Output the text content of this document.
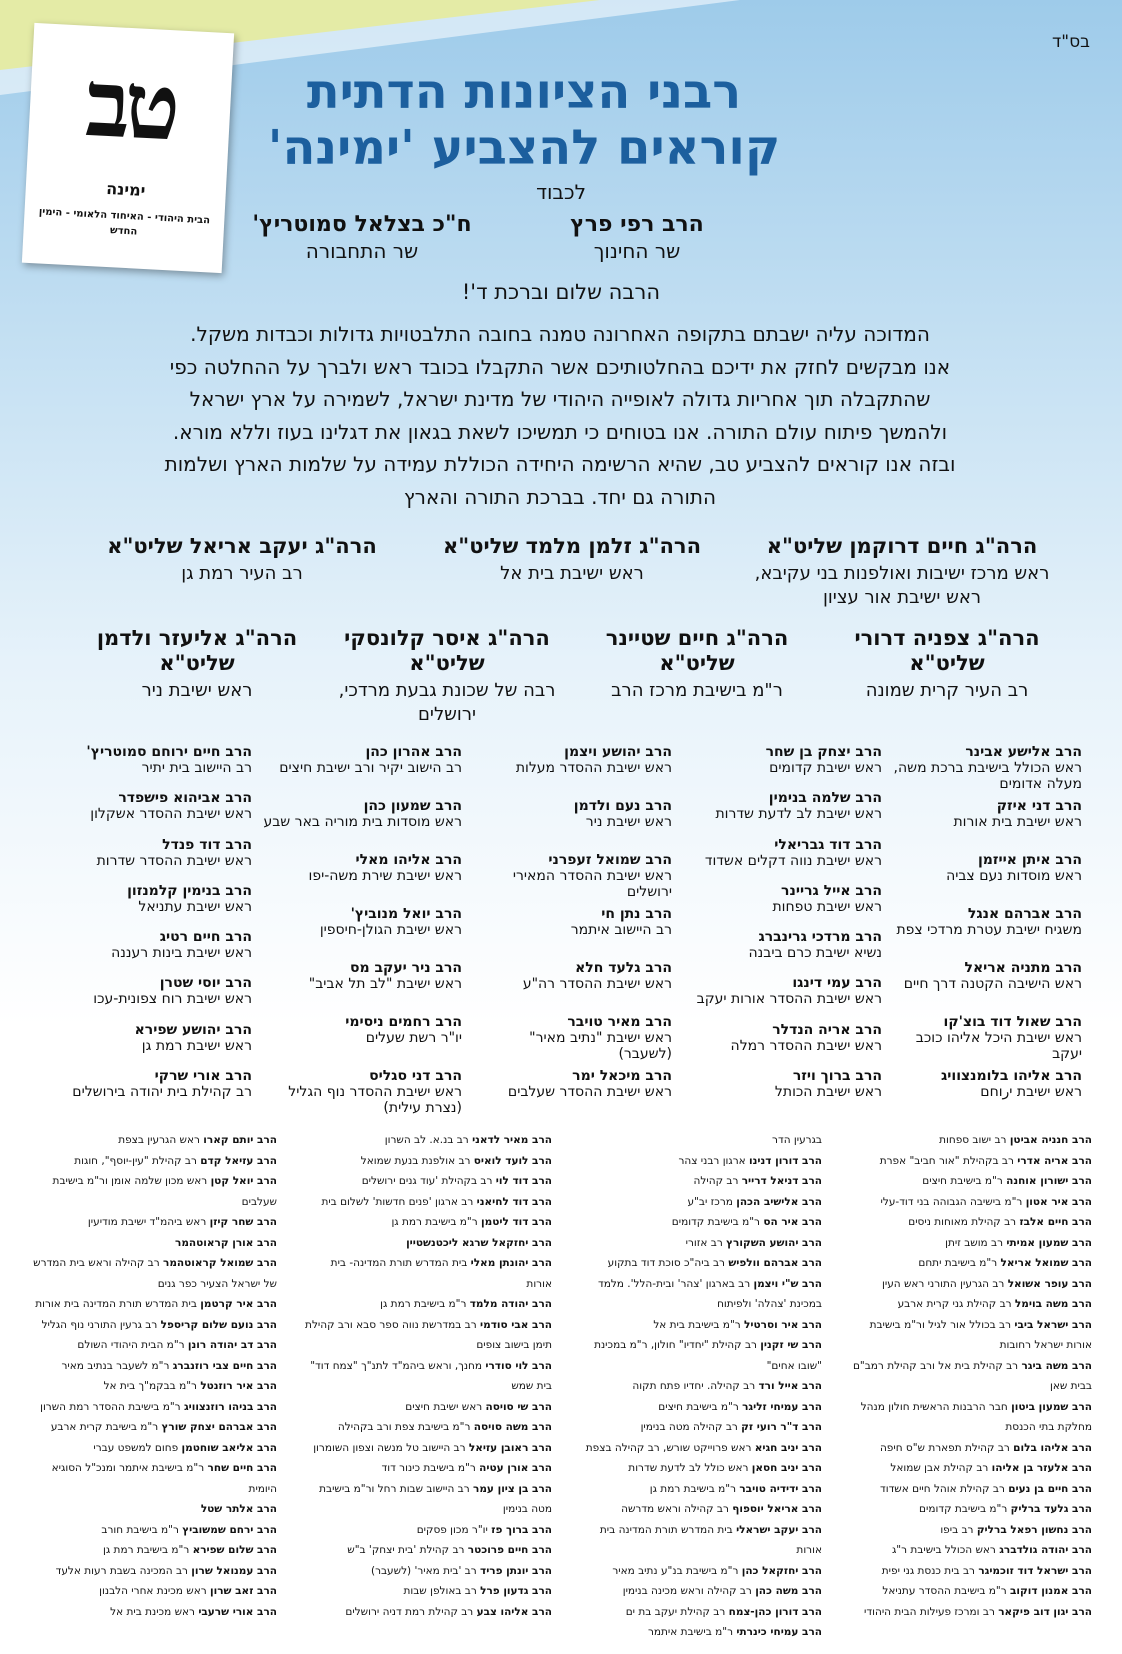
בס"ד
טב
ימינה
הבית היהודי - האיחוד הלאומי - הימין החדש
רבני הציונות הדתית
קוראים להצביע 'ימינה'
לכבוד
הרב רפי פרץ
שר החינוך
ח"כ בצלאל סמוטריץ'
שר התחבורה
הרבה שלום וברכת ד'!
המדוכה עליה ישבתם בתקופה האחרונה טמנה בחובה התלבטויות גדולות וכבדות משקל.
אנו מבקשים לחזק את ידיכם בהחלטותיכם אשר התקבלו בכובד ראש ולברך על ההחלטה כפי
שהתקבלה תוך אחריות גדולה לאופייה היהודי של מדינת ישראל, לשמירה על ארץ ישראל
ולהמשך פיתוח עולם התורה. אנו בטוחים כי תמשיכו לשאת בגאון את דגלינו בעוז וללא מורא.
ובזה אנו קוראים להצביע טב, שהיא הרשימה היחידה הכוללת עמידה על שלמות הארץ ושלמות
התורה גם יחד. בברכת התורה והארץ
הרה"ג חיים דרוקמן שליט"א
ראש מרכז ישיבות ואולפנות בני עקיבא, ראש ישיבת אור עציון
הרה"ג זלמן מלמד שליט"א
ראש ישיבת בית אל
הרה"ג יעקב אריאל שליט"א
רב העיר רמת גן
הרה"ג צפניה דרורי שליט"א
רב העיר קרית שמונה
הרה"ג חיים שטיינר שליט"א
ר"מ בישיבת מרכז הרב
הרה"ג איסר קלונסקי שליט"א
רבה של שכונת גבעת מרדכי, ירושלים
הרה"ג אליעזר ולדמן שליט"א
ראש ישיבת ניר
הרב אלישע אבינר
ראש הכולל בישיבת ברכת משה, מעלה אדומים
הרב דני איזק
ראש ישיבת בית אורות
הרב איתן אייזמן
ראש מוסדות נעם צביה
הרב אברהם אנגל
משגיח ישיבת עטרת מרדכי צפת
הרב מתניה אריאל
ראש הישיבה הקטנה דרך חיים
הרב שאול דוד בוצ'קו
ראש ישיבת היכל אליהו כוכב יעקב
הרב אליהו בלומנצוויג
ראש ישיבת יرוחם
הרב יצחק בן שחר
ראש ישיבת קדומים
הרב שלמה בנימין
ראש ישיבת לב לדעת שדרות
הרב דוד גבריאלי
ראש ישיבת נווה דקלים אשדוד
הרב אייל גריינר
ראש ישיבת טפחות
הרב מרדכי גרינברג
נשיא ישיבת כרם ביבנה
הרב עמי דינגו
ראש ישיבת ההסדר אורות יעקב
הרב אריה הנדלר
ראש ישיבת ההסדר רמלה
הרב ברוך ויזר
ראש ישיבת הכותל
הרב יהושע ויצמן
ראש ישיבת ההסדר מעלות
הרב נעם ולדמן
ראש ישיבת ניר
הרב שמואל זעפרני
ראש ישיבת ההסדר המאירי ירושלים
הרב נתן חי
רב היישוב איתמר
הרב גלעד חלא
ראש ישיבת ההסדר רה"ע
הרב מאיר טויבר
ראש ישיבת "נתיב מאיר" (לשעבר)
הרב מיכאל ימר
ראש ישיבת ההסדר שעלבים
הרב אהרון כהן
רב הישוב יקיר ורב ישיבת חיצים
הרב שמעון כהן
ראש מוסדות בית מוריה באר שבע
הרב אליהו מאלי
ראש ישיבת שירת משה-יפו
הרב יואל מנוביץ'
ראש ישיבת הגולן-חיספין
הרב ניר יעקב מס
ראש ישיבת "לב תל אביב"
הרב רחמים ניסימי
יו"ר רשת שעלים
הרב דני סגליס
ראש ישיבת ההסדר נוף הגליל (נצרת עילית)
הרב חיים ירוחם סמוטריץ'
רב היישוב בית יתיר
הרב אביהוא פישפדר
ראש ישיבת ההסדר אשקלון
הרב דוד פנדל
ראש ישיבת ההסדר שדרות
הרב בנימין קלמנזון
ראש ישיבת עתניאל
הרב חיים רטיג
ראש ישיבת בינות רעננה
הרב יוסי שטרן
ראש ישיבת רוח צפונית-עכו
הרב יהושע שפירא
ראש ישיבת רמת גן
הרב אורי שרקי
רב קהילת בית יהודה בירושלים
הרב חנניה אביטן רב ישוב ספחות
הרב אריה אדרי רב בקהילת "אור חביב" אפרת
הרב ישורון אוחנה ר"מ בישיבת חיצים
הרב איר אטון ר"מ בישיבה הגבוהה בני דוד-עלי
הרב חיים אלבז רב קהילת מאוחות ניסים
הרב שמעון אמיתי רב מושב זיתן
הרב שמואל אריאל ר"מ בישיבת יתחם
הרב עופר אשואל רב הגרעין התורני ראש העין
הרב משה בוימל רב קהילת גני קרית ארבע
הרב ישראל ביבי רב בכולל אור לגיל ור"מ בישיבת אורות ישראל רחובות
הרב משה ביגר רב קהילת בית אל ורב קהילת רמב"ם בבית שאן
הרב שמעון ביטון חבר הרבנות הראשית חולון מנהל מחלקת בתי הכנסת
הרב אליהו בלום רב קהילת תפארת ש"ס חיפה
הרב אלעזר בן אליהו רב קהילת אבן שמואל
הרב חיים בן נעים רב קהילת אוהל חיים אשדוד
הרב גלעד ברליק ר"מ בישיבת קדומים
הרב נחשון רפאל ברליק רב ביפו
הרב יהודה גולדברג ראש הכולל בישיבת ר"ג
הרב ישראל דוד זוכמיגר רב בית כנסת גני יפית
הרב אמנון דוקוב ר"מ בישיבת ההסדר עתניאל
הרב יגון דוב פיקאר רב ומרכז פעילות הבית היהודי
בגרעין הדר
הרב דורון דנינו ארגון רבני צהר
הרב דניאל דרייר רב קהילה
הרב אלישיב הכהן מרכז יב"ע
הרב איר הס ר"מ בישיבת קדומים
הרב יהושע השקורץ רב אזורי
הרב אברהם וולפיש רב ביה"כ סוכת דוד בתקוע
הרב ש"י ויצמן רב בארגון 'צהר' ובית-הלל'. מלמד במכינת 'צהלה' ולפיתוח
הרב איר וסרטיל ר"מ בישיבת בית אל
הרב שי זקנין רב קהילת "יחדיו" חולון, ר"מ במכינת "שובו אחים"
הרב אייל ורד רב קהילה. יחדיו פתח תקוה
הרב עמיחי זליגר ר"מ בישיבת חיצים
הרב ד"ר רועי זק רב קהילה מטה בנימין
הרב יניב חגיא ראש פרוייקט שורש, רב קהילה בצפת
הרב יניב חסאן ראש כולל לב לדעת שדרות
הרב ידידיה טויבר ר"מ בישיבת רמת גן
הרב אריאל יוספוף רב קהילה וראש מדרשה
הרב יעקב ישראלי בית המדרש תורת המדינה בית אורות
הרב יחזקאל כהן ר"מ בישיבת בנ"ע נתיב מאיר
הרב משה כהן רב קהילה וראש מכינה בנימין
הרב דורון כהן-צמח רב קהילת יעקב בת ים
הרב עמיחי כינרתי ר"מ בישיבת איתמר
הרב מאיר לדאני רב בנ.א. לב השרון
הרב לועד לואיס רב אולפנת בנעת שמואל
הרב דוד לוי רב בקהילת 'עוד גנים ירושלים
הרב דוד לחיאני רב ארגון 'פנים חדשות' לשלום בית
הרב דוד ליטמן ר"מ בישיבת רמת גן
הרב יחזקאל שרגא ליכטנשטיין
הרב יהונתן מאלי בית המדרש תורת המדינה- בית אורות
הרב יהודה מלמד ר"מ בישיבת רמת גן
הרב אבי סודמי רב במדרשת נווה ספר סבא ורב קהילת תימן בישוב צופים
הרב לוי סודרי מחנך, וראש ביהמ"ד לתנ"ך "צמח דוד" בית שמש
הרב שי סויסה ראש ישיבת חיצים
הרב משה סויסה ר"מ בישיבת צפת ורב בקהילה
הרב ראובן עזיאל רב היישוב טל מנשה וצפון השומרון
הרב אורן עטיה ר"מ בישיבת כינור דוד
הרב בן ציון עמר רב היישוב שבות רחל ור"מ בישיבת מטה בנימין
הרב ברוך פז יו"ר מכון פסקים
הרב חיים פרוכטר רב קהילת 'בית יצחק' ב"ש
הרב יונתן פריד רב 'בית מאיר' (לשעבר)
הרב גדעון פרל רב באולפן שבות
הרב אליהו צבע רב קהילת רמת דניה ירושלים
הרב יותם קארו ראש הגרעין בצפת
הרב עזיאל קדם רב קהילת "עין-יוסף", חוגות
הרב יואל קטן ראש מכון שלמה אומן ור"מ בישיבת שעלבים
הרב שחר קיזן ראש ביהמ"ד ישיבת מודיעין
הרב אורן קראוטהמר
הרב שמואל קראוטהמר רב קהילה וראש בית המדרש של ישראל הצעיר כפר גנים
הרב איר קרטמן בית המדרש תורת המדינה בית אורות
הרב נועם שלום קריספל רב גרעין התורני נוף הגליל
הרב דב יהודה רונן ר"מ הבית היהודי השולם
הרב חיים צבי רוזנברג ר"מ לשעבר בנתיב מאיר
הרב איר רוזנטל ר"מ בבקמ"ך בית אל
הרב בניהו רוזנצוויג ר"מ בישיבת ההסדר רמת השרון
הרב אברהם יצחק שורץ ר"מ בישיבת קרית ארבע
הרב אליאב שוחטמן פחום למשפט עברי
הרב חיים שחר ר"מ בישיבת איתמר ומנכ"ל הסוגיא היומית
הרב אלתר שטל
הרב ירחם שמשוביץ ר"מ בישיבת חורב
הרב שלום שפירא ר"מ בישיבת רמת גן
הרב עמנואל שרון רב המכינה בשבת רעות אלעד
הרב זאב שרון ראש מכינת אחרי הלבנון
הרב אורי שרעבי ראש מכינת בית אל
